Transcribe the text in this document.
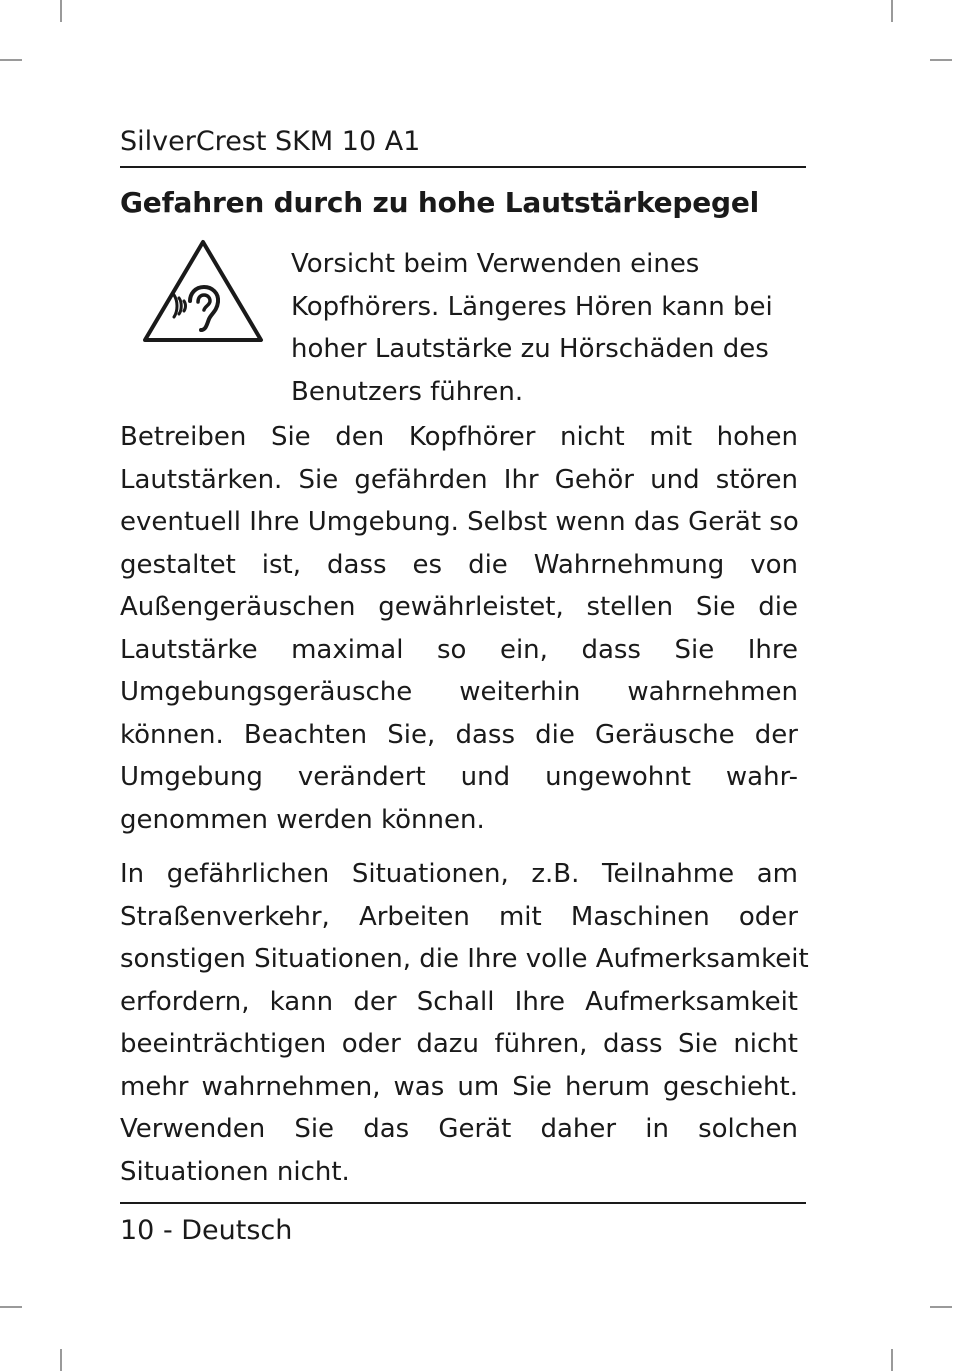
SilverCrest SKM 10 A1
Gefahren durch zu hohe Lautstärkepegel
Vorsicht beim Verwenden eines
Kopfhörers. Längeres Hören kann bei
hoher Lautstärke zu Hörschäden des
Benutzers führen.
Betreiben Sie den Kopfhörer nicht mit hohen
Lautstärken. Sie gefährden Ihr Gehör und stören
eventuell Ihre Umgebung. Selbst wenn das Gerät so
gestaltet ist, dass es die Wahrnehmung von
Außengeräuschen gewährleistet, stellen Sie die
Lautstärke maximal so ein, dass Sie Ihre
Umgebungsgeräusche weiterhin wahrnehmen
können. Beachten Sie, dass die Geräusche der
Umgebung verändert und ungewohnt wahr-
genommen werden können.
In gefährlichen Situationen, z.B. Teilnahme am
Straßenverkehr, Arbeiten mit Maschinen oder
sonstigen Situationen, die Ihre volle Aufmerksamkeit
erfordern, kann der Schall Ihre Aufmerksamkeit
beeinträchtigen oder dazu führen, dass Sie nicht
mehr wahrnehmen, was um Sie herum geschieht.
Verwenden Sie das Gerät daher in solchen
Situationen nicht.
10 - Deutsch
